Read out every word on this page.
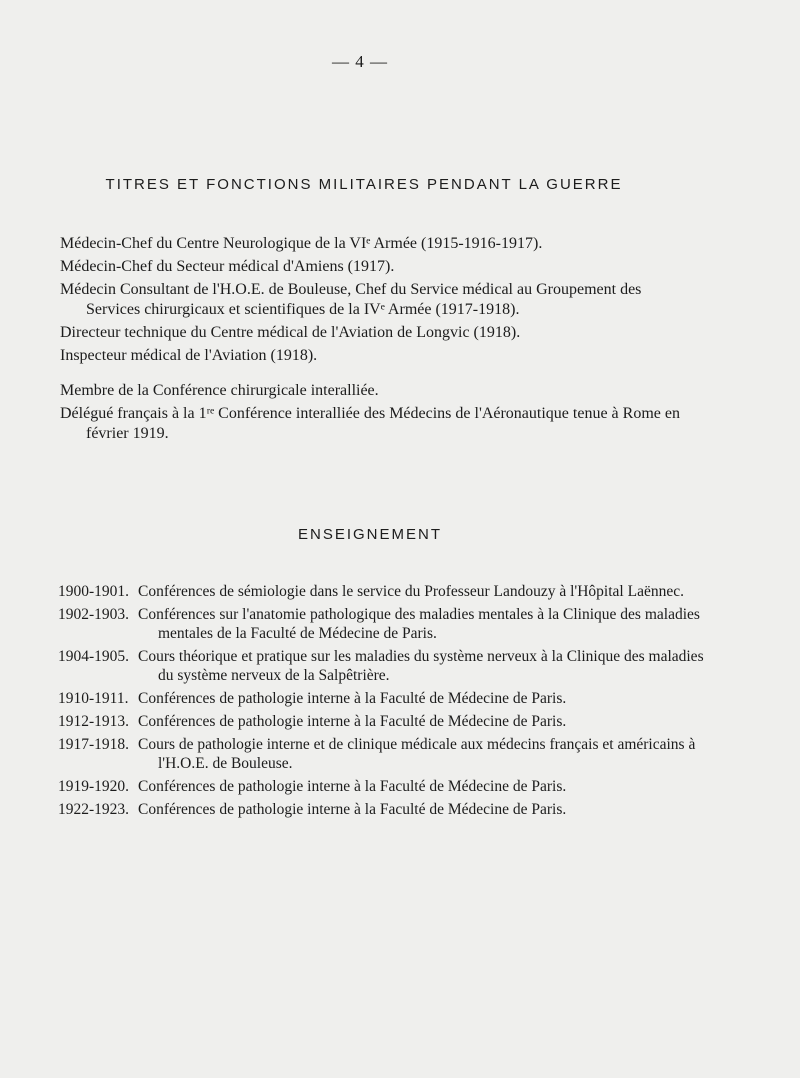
— 4 —
TITRES ET FONCTIONS MILITAIRES PENDANT LA GUERRE

Médecin-Chef du Centre Neurologique de la VIᵉ Armée (1915-1916-1917).

Médecin-Chef du Secteur médical d'Amiens (1917).

Médecin Consultant de l'H.O.E. de Bouleuse, Chef du Service médical au Groupement des Services chirurgicaux et scientifiques de la IVᵉ Armée (1917-1918).

Directeur technique du Centre médical de l'Aviation de Longvic (1918).

Inspecteur médical de l'Aviation (1918).

Membre de la Conférence chirurgicale interalliée.

Délégué français à la 1ʳᵉ Conférence interalliée des Médecins de l'Aéronautique tenue à Rome en février 1919.

ENSEIGNEMENT
1900-1901. Conférences de sémiologie dans le service du Professeur Landouzy à l'Hôpital Laënnec.
1902-1903. Conférences sur l'anatomie pathologique des maladies mentales à la Clinique des maladies mentales de la Faculté de Médecine de Paris.
1904-1905. Cours théorique et pratique sur les maladies du système nerveux à la Clinique des maladies du système nerveux de la Salpêtrière.
1910-1911. Conférences de pathologie interne à la Faculté de Médecine de Paris.
1912-1913. Conférences de pathologie interne à la Faculté de Médecine de Paris.
1917-1918. Cours de pathologie interne et de clinique médicale aux médecins français et américains à l'H.O.E. de Bouleuse.
1919-1920. Conférences de pathologie interne à la Faculté de Médecine de Paris.
1922-1923. Conférences de pathologie interne à la Faculté de Médecine de Paris.
